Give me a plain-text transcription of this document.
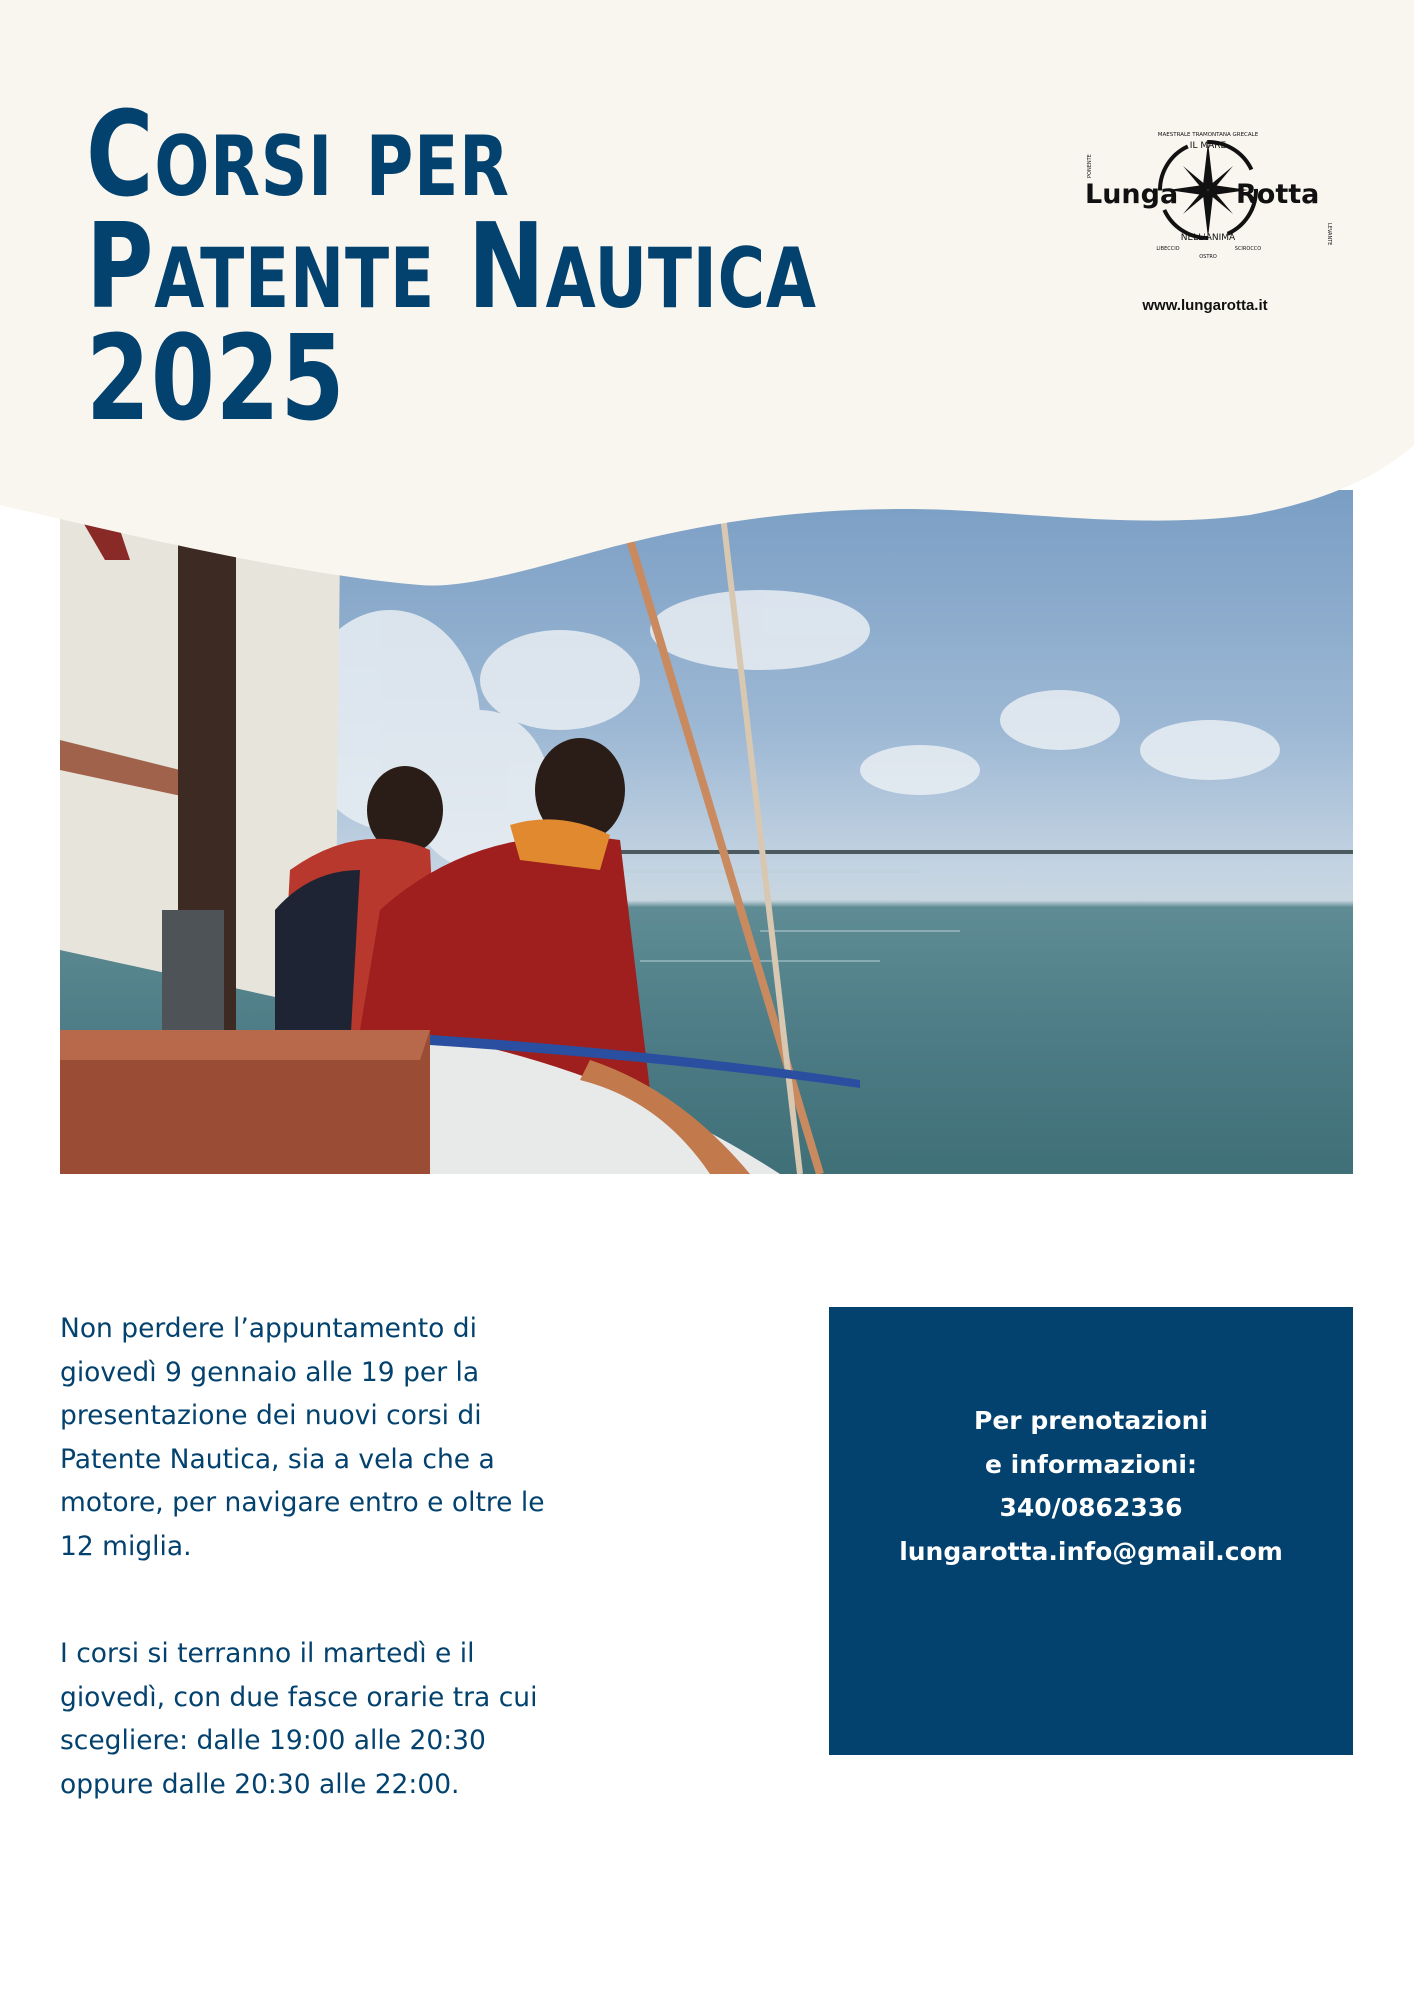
Corsi per
Patente Nautica
2025
Lunga Rotta
IL MARE
MAESTRALE TRAMONTANA GRECALE
NELL'ANIMA
LIBECCIO
OSTRO
SCIROCCO
PONENTE
LEVANTE
www.lungarotta.it

Non perdere l’appuntamento di
giovedì 9 gennaio alle 19 per la
presentazione dei nuovi corsi di
Patente Nautica, sia a vela che a
motore, per navigare entro e oltre le
12 miglia.

I corsi si terranno il martedì e il
giovedì, con due fasce orarie tra cui
scegliere: dalle 19:00 alle 20:30
oppure dalle 20:30 alle 22:00.

Per prenotazioni
e informazioni:
340/0862336
lungarotta.info@gmail.com
